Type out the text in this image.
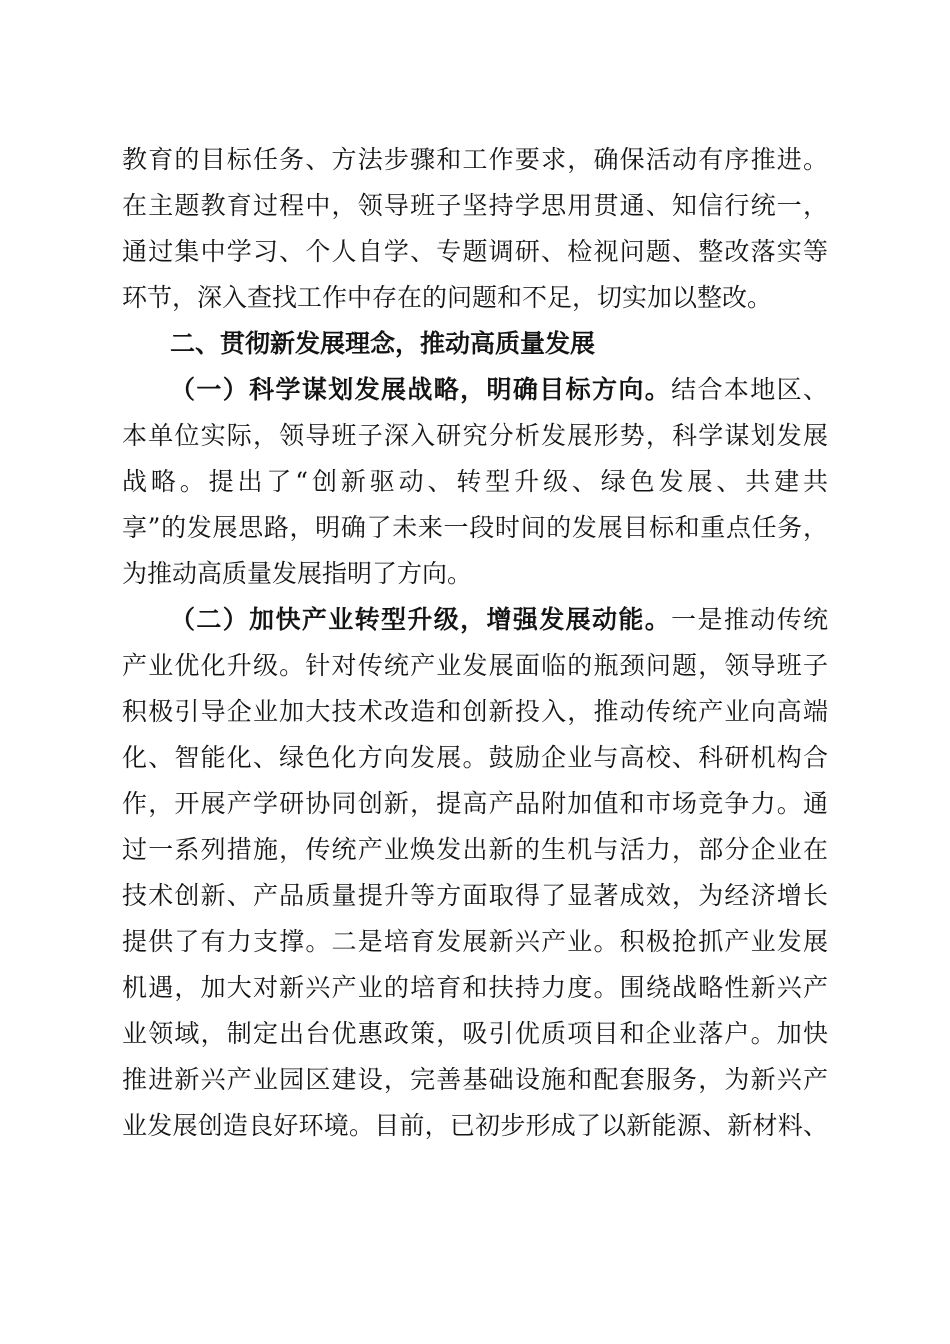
教育的目标任务、方法步骤和工作要求，确保活动有序推进。
在主题教育过程中，领导班子坚持学思用贯通、知信行统一，
通过集中学习、个人自学、专题调研、检视问题、整改落实等
环节，深入查找工作中存在的问题和不足，切实加以整改。
二、贯彻新发展理念，推动高质量发展
（一）科学谋划发展战略，明确目标方向。结合本地区、
本单位实际，领导班子深入研究分析发展形势，科学谋划发展
战略。提出了“创新驱动、转型升级、绿色发展、共建共
享”的发展思路，明确了未来一段时间的发展目标和重点任务，
为推动高质量发展指明了方向。
（二）加快产业转型升级，增强发展动能。一是推动传统
产业优化升级。针对传统产业发展面临的瓶颈问题，领导班子
积极引导企业加大技术改造和创新投入，推动传统产业向高端
化、智能化、绿色化方向发展。鼓励企业与高校、科研机构合
作，开展产学研协同创新，提高产品附加值和市场竞争力。通
过一系列措施，传统产业焕发出新的生机与活力，部分企业在
技术创新、产品质量提升等方面取得了显著成效，为经济增长
提供了有力支撑。二是培育发展新兴产业。积极抢抓产业发展
机遇，加大对新兴产业的培育和扶持力度。围绕战略性新兴产
业领域，制定出台优惠政策，吸引优质项目和企业落户。加快
推进新兴产业园区建设，完善基础设施和配套服务，为新兴产
业发展创造良好环境。目前，已初步形成了以新能源、新材料、
